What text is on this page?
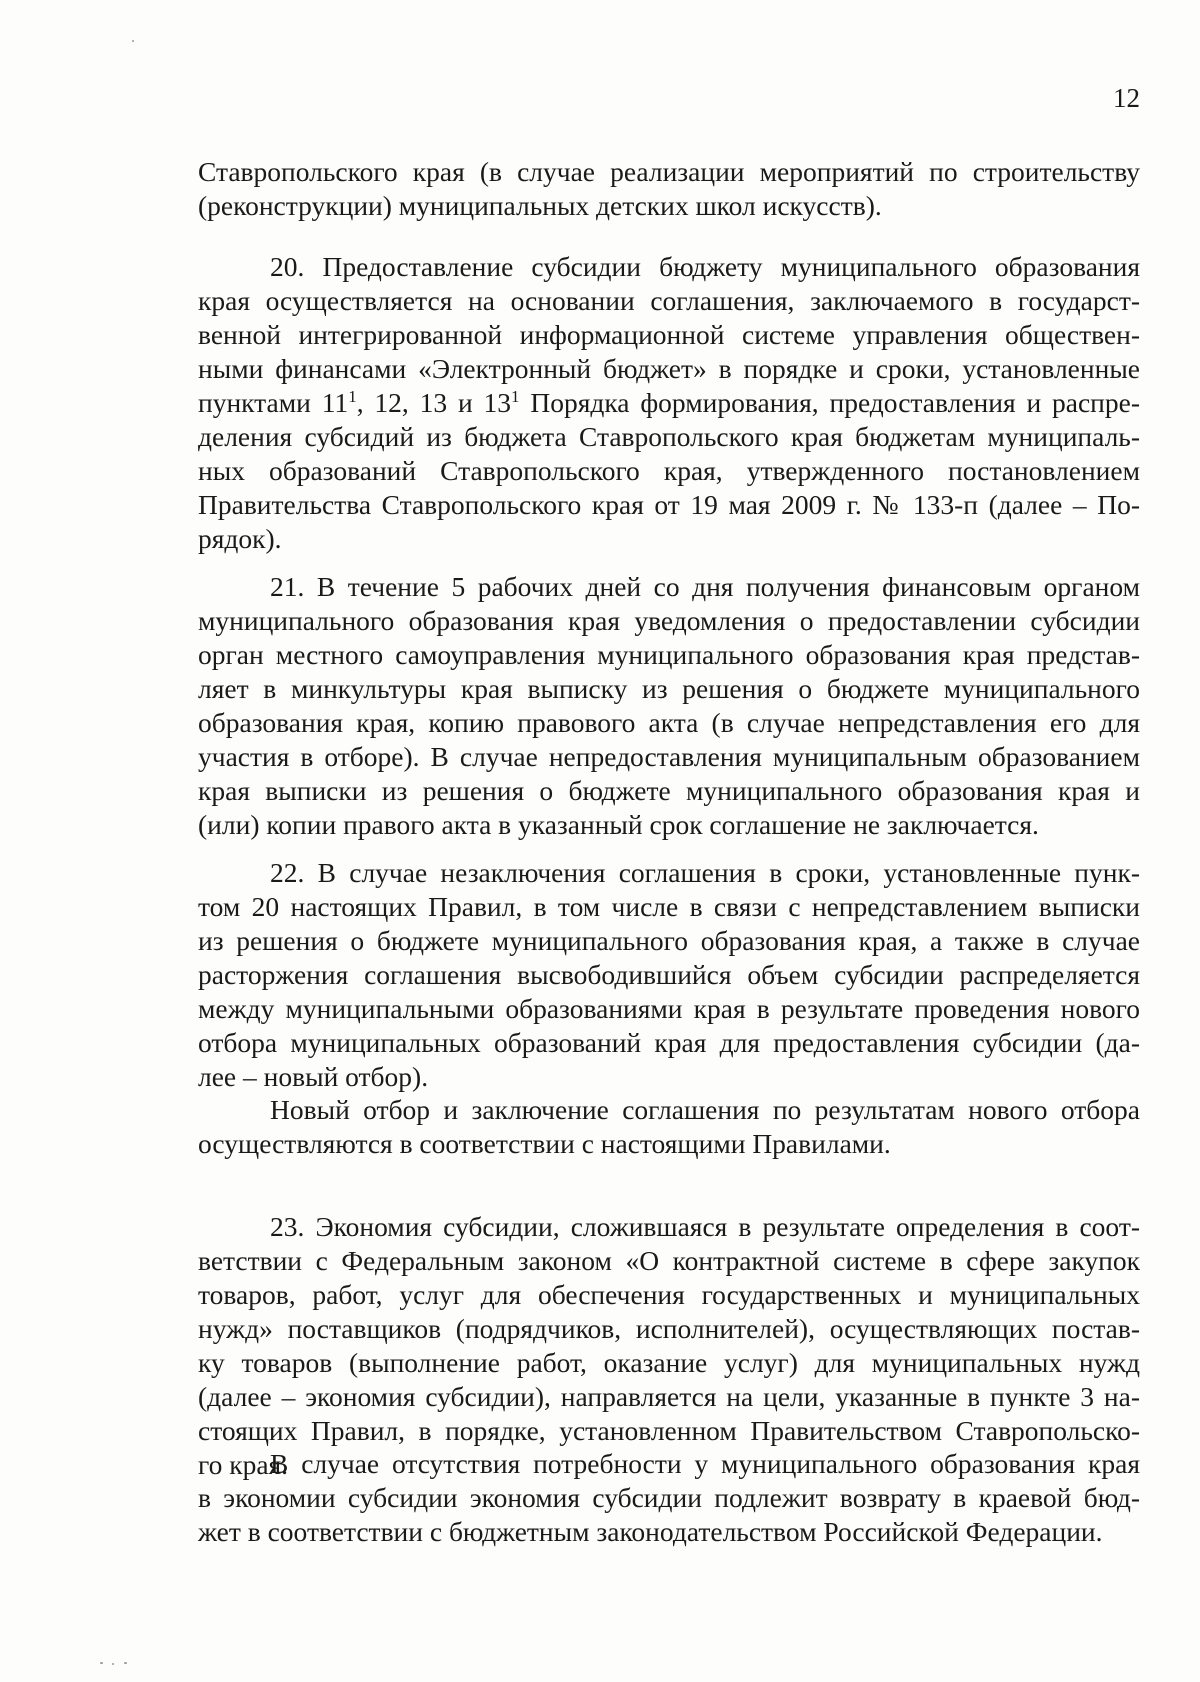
12
Ставропольского края (в случае реализации мероприятий по строительству
(реконструкции) муниципальных детских школ искусств).
20. Предоставление субсидии бюджету муниципального образования
края осуществляется на основании соглашения, заключаемого в государст-
венной интегрированной информационной системе управления обществен-
ными финансами «Электронный бюджет» в порядке и сроки, установленные
пунктами $11^1$, 12, 13 и $13^1$ Порядка формирования, предоставления и распре-
деления субсидий из бюджета Ставропольского края бюджетам муниципаль-
ных образований Ставропольского края, утвержденного постановлением
Правительства Ставропольского края от 19 мая 2009 г. № 133-п (далее – По-
рядок).
21. В течение 5 рабочих дней со дня получения финансовым органом
муниципального образования края уведомления о предоставлении субсидии
орган местного самоуправления муниципального образования края представ-
ляет в минкультуры края выписку из решения о бюджете муниципального
образования края, копию правового акта (в случае непредставления его для
участия в отборе). В случае непредоставления муниципальным образованием
края выписки из решения о бюджете муниципального образования края и
(или) копии правого акта в указанный срок соглашение не заключается.
22. В случае незаключения соглашения в сроки, установленные пунк-
том 20 настоящих Правил, в том числе в связи с непредставлением выписки
из решения о бюджете муниципального образования края, а также в случае
расторжения соглашения высвободившийся объем субсидии распределяется
между муниципальными образованиями края в результате проведения нового
отбора муниципальных образований края для предоставления субсидии (да-
лее – новый отбор).
Новый отбор и заключение соглашения по результатам нового отбора
осуществляются в соответствии с настоящими Правилами.
23. Экономия субсидии, сложившаяся в результате определения в соот-
ветствии с Федеральным законом «О контрактной системе в сфере закупок
товаров, работ, услуг для обеспечения государственных и муниципальных
нужд» поставщиков (подрядчиков, исполнителей), осуществляющих постав-
ку товаров (выполнение работ, оказание услуг) для муниципальных нужд
(далее – экономия субсидии), направляется на цели, указанные в пункте 3 на-
стоящих Правил, в порядке, установленном Правительством Ставропольско-
го края.
В случае отсутствия потребности у муниципального образования края
в экономии субсидии экономия субсидии подлежит возврату в краевой бюд-
жет в соответствии с бюджетным законодательством Российской Федерации.
